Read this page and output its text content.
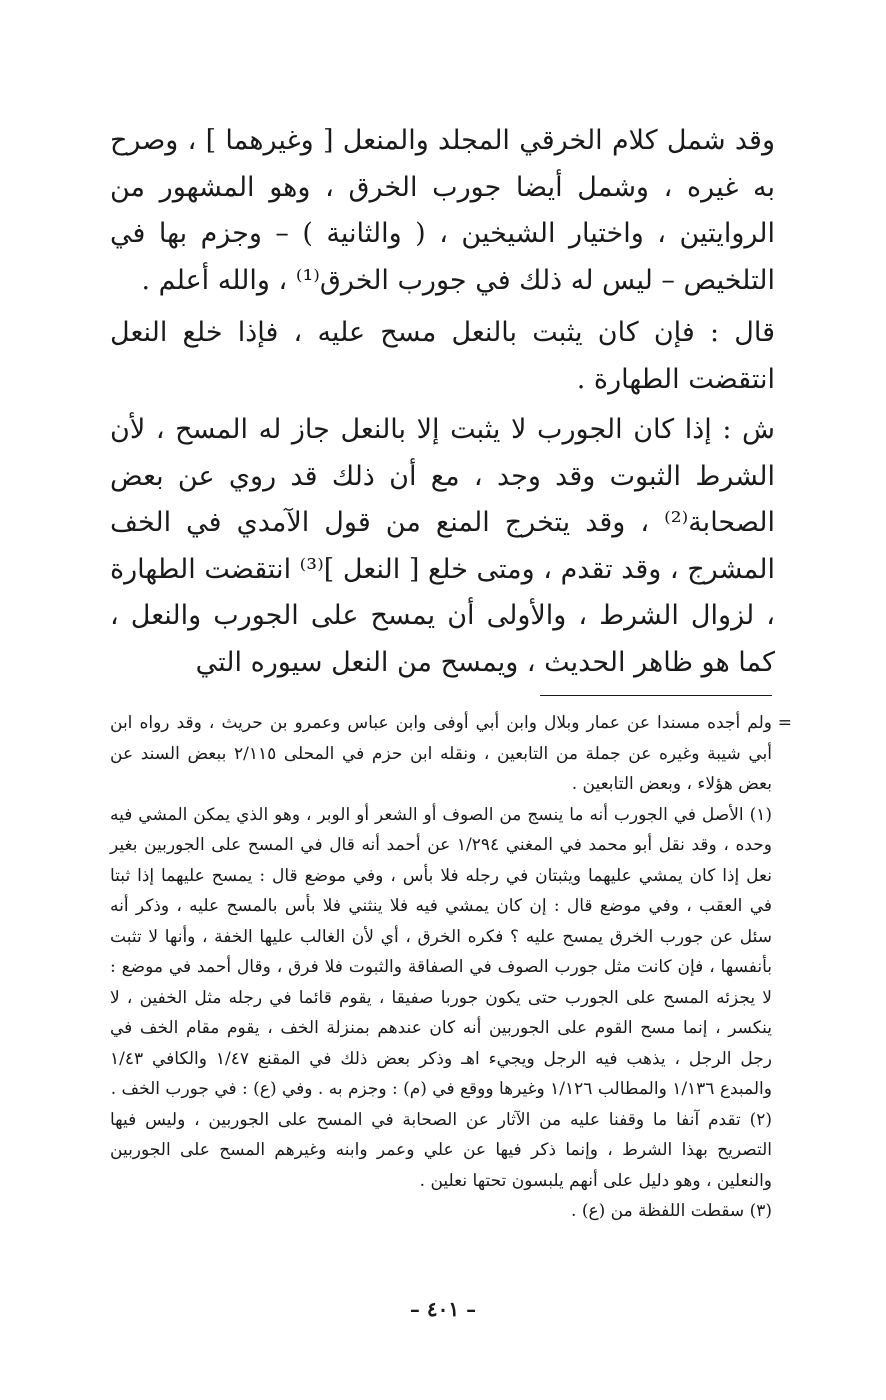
وقد شمل كلام الخرقي المجلد والمنعل [ وغيرهما ] ، وصرح به غيره ، وشمل أيضا جورب الخرق ، وهو المشهور من الروايتين ، واختيار الشيخين ، ( والثانية ) – وجزم بها في التلخيص – ليس له ذلك في جورب الخرق⁽¹⁾ ، والله أعلم .

قال : فإن كان يثبت بالنعل مسح عليه ، فإذا خلع النعل انتقضت الطهارة .

ش : إذا كان الجورب لا يثبت إلا بالنعل جاز له المسح ، لأن الشرط الثبوت وقد وجد ، مع أن ذلك قد روي عن بعض الصحابة⁽²⁾ ، وقد يتخرج المنع من قول الآمدي في الخف المشرج ، وقد تقدم ، ومتى خلع [ النعل ]⁽³⁾ انتقضت الطهارة ، لزوال الشرط ، والأولى أن يمسح على الجورب والنعل ، كما هو ظاهر الحديث ، ويمسح من النعل سيوره التي

=
ولم أجده مسندا عن عمار وبلال وابن أبي أوفى وابن عباس وعمرو بن حريث ، وقد رواه ابن أبي شيبة وغيره عن جملة من التابعين ، ونقله ابن حزم في المحلى ٢/١١٥ ببعض السند عن بعض هؤلاء ، وبعض التابعين .

(١) الأصل في الجورب أنه ما ينسج من الصوف أو الشعر أو الوبر ، وهو الذي يمكن المشي فيه وحده ، وقد نقل أبو محمد في المغني ١/٢٩٤ عن أحمد أنه قال في المسح على الجوربين بغير نعل إذا كان يمشي عليهما ويثبتان في رجله فلا بأس ، وفي موضع قال : يمسح عليهما إذا ثبتا في العقب ، وفي موضع قال : إن كان يمشي فيه فلا ينثني فلا بأس بالمسح عليه ، وذكر أنه سئل عن جورب الخرق يمسح عليه ؟ فكره الخرق ، أي لأن الغالب عليها الخفة ، وأنها لا تثبت بأنفسها ، فإن كانت مثل جورب الصوف في الصفاقة والثبوت فلا فرق ، وقال أحمد في موضع : لا يجزئه المسح على الجورب حتى يكون جوربا صفيقا ، يقوم قائما في رجله مثل الخفين ، لا ينكسر ، إنما مسح القوم على الجوربين أنه كان عندهم بمنزلة الخف ، يقوم مقام الخف في رجل الرجل ، يذهب فيه الرجل ويجيء اهـ وذكر بعض ذلك في المقنع ١/٤٧ والكافي ١/٤٣ والمبدع ١/١٣٦ والمطالب ١/١٢٦ وغيرها ووقع في (م) : وجزم به . وفي (ع) : في جورب الخف .

(٢) تقدم آنفا ما وقفنا عليه من الآثار عن الصحابة في المسح على الجوربين ، وليس فيها التصريح بهذا الشرط ، وإنما ذكر فيها عن علي وعمر وابنه وغيرهم المسح على الجوربين والنعلين ، وهو دليل على أنهم يلبسون تحتها نعلين .

(٣) سقطت اللفظة من (ع) .

– ٤٠١ –
